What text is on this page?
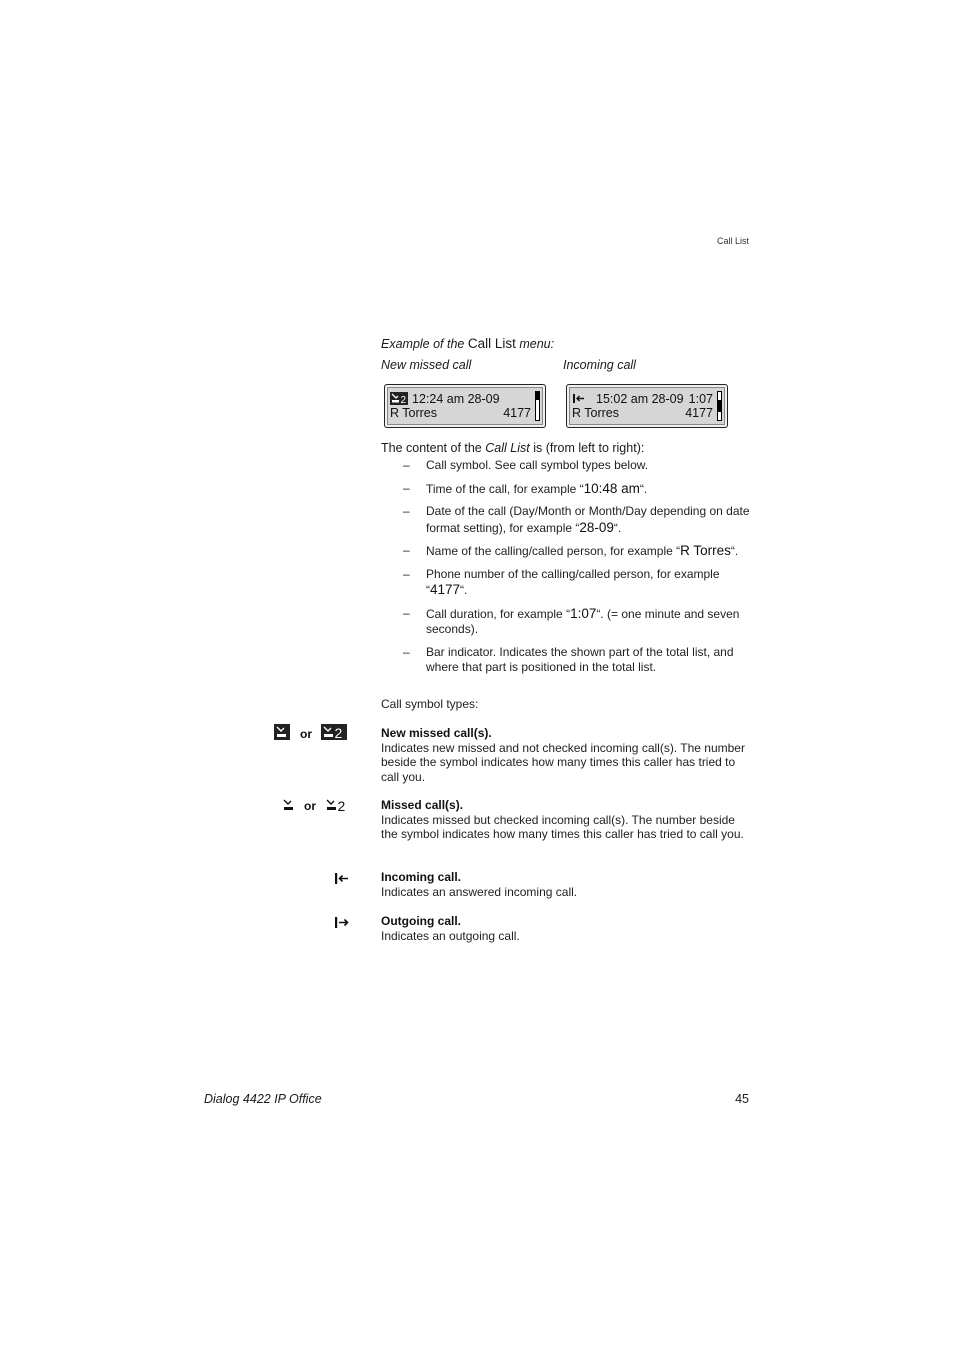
Call List
Example of the Call List menu:
New missed call	Incoming call
2 12:24 am 28-09
R Torres	4177
15:02 am 28-09 1:07
R Torres	4177
The content of the Call List is (from left to right):
– Call symbol. See call symbol types below.
– Time of the call, for example “10:48 am“.
– Date of the call (Day/Month or Month/Day depending on date format setting), for example “28-09“.
– Name of the calling/called person, for example “R Torres“.
– Phone number of the calling/called person, for example “4177“.
– Call duration, for example “1:07“. (= one minute and seven seconds).
– Bar indicator. Indicates the shown part of the total list, and where that part is positioned in the total list.
Call symbol types:
or 2	New missed call(s).
Indicates new missed and not checked incoming call(s). The number beside the symbol indicates how many times this caller has tried to call you.
or 2	Missed call(s).
Indicates missed but checked incoming call(s). The number beside the symbol indicates how many times this caller has tried to call you.
Incoming call.
Indicates an answered incoming call.
Outgoing call.
Indicates an outgoing call.
Dialog 4422 IP Office	45
